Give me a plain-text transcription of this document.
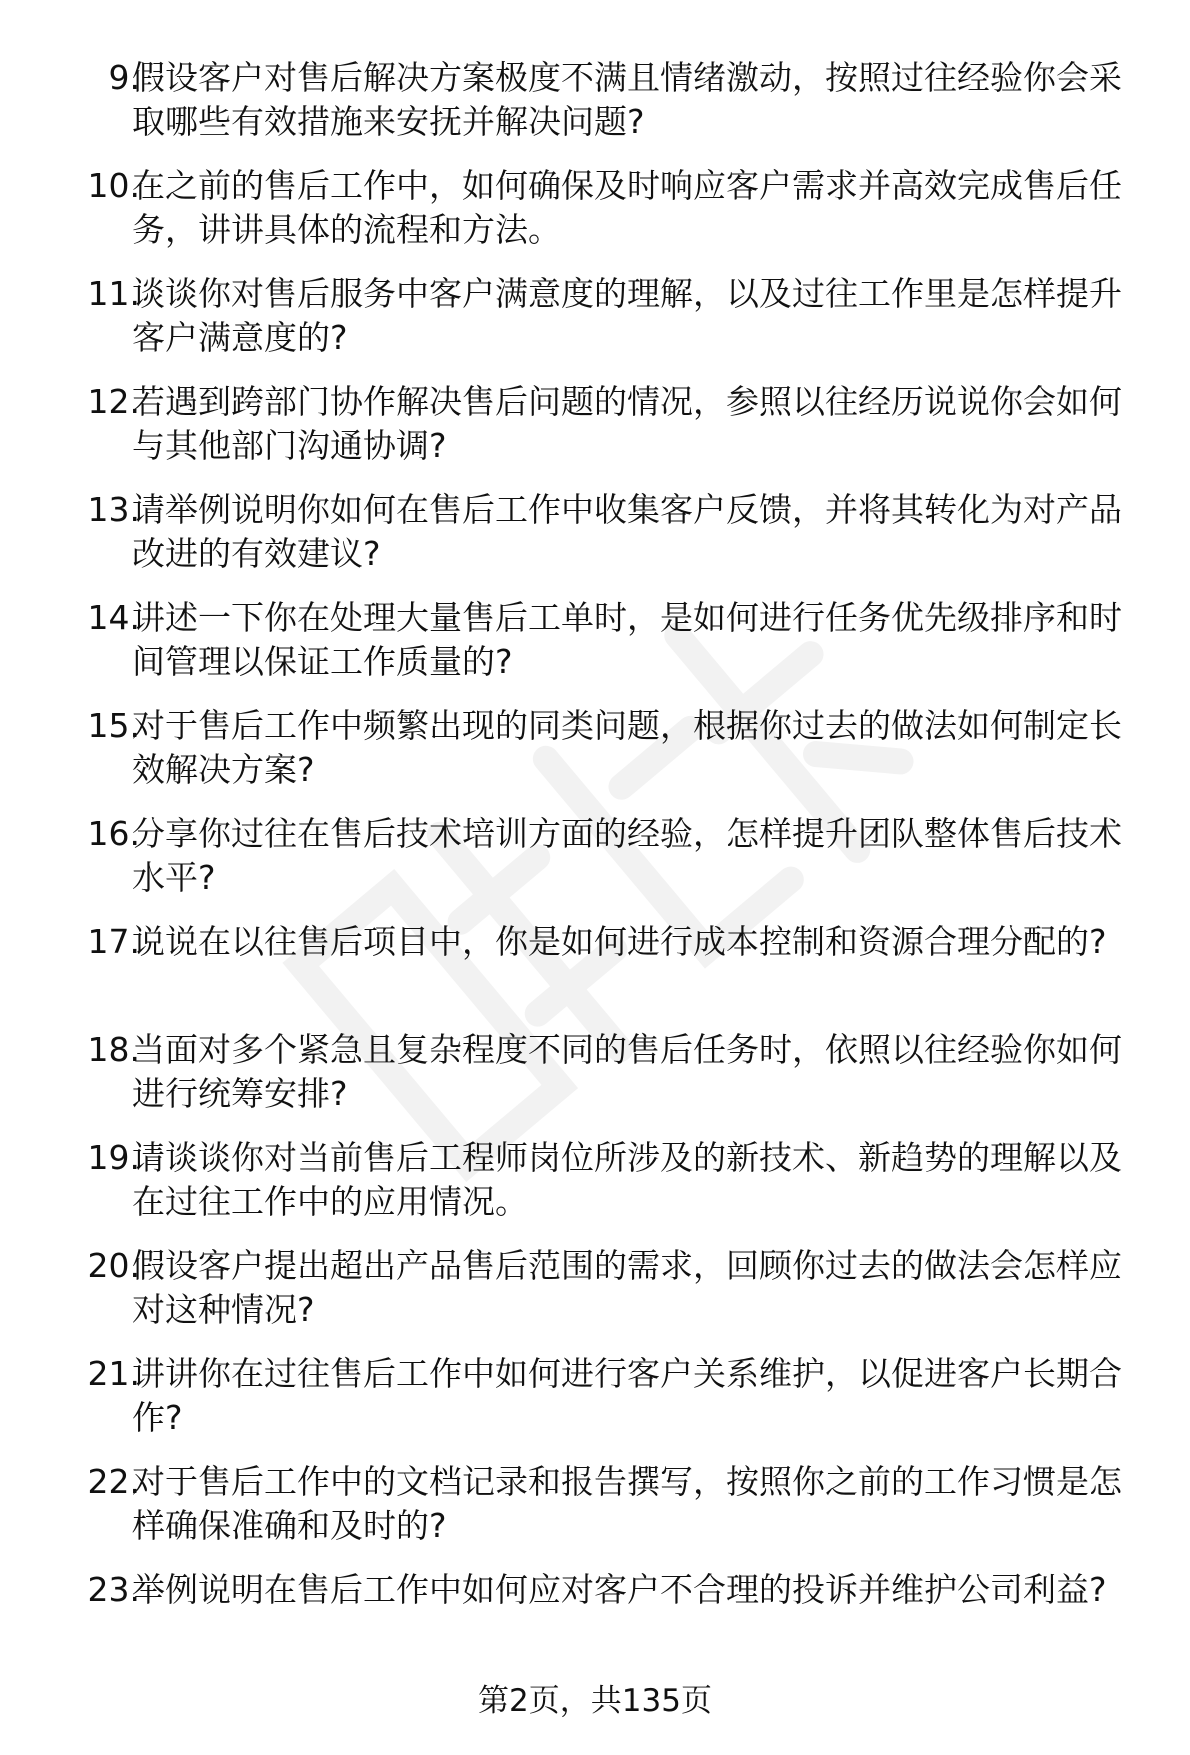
9.
假设客户对售后解决方案极度不满且情绪激动，按照过往经验你会采取哪些有效措施来安抚并解决问题?
10.
在之前的售后工作中，如何确保及时响应客户需求并高效完成售后任务，讲讲具体的流程和方法。
11.
谈谈你对售后服务中客户满意度的理解，以及过往工作里是怎样提升客户满意度的?
12.
若遇到跨部门协作解决售后问题的情况，参照以往经历说说你会如何与其他部门沟通协调?
13.
请举例说明你如何在售后工作中收集客户反馈，并将其转化为对产品改进的有效建议?
14.
讲述一下你在处理大量售后工单时，是如何进行任务优先级排序和时间管理以保证工作质量的?
15.
对于售后工作中频繁出现的同类问题，根据你过去的做法如何制定长效解决方案?
16.
分享你过往在售后技术培训方面的经验，怎样提升团队整体售后技术水平?
17.
说说在以往售后项目中，你是如何进行成本控制和资源合理分配的?
18.
当面对多个紧急且复杂程度不同的售后任务时，依照以往经验你如何进行统筹安排?
19.
请谈谈你对当前售后工程师岗位所涉及的新技术、新趋势的理解以及在过往工作中的应用情况。
20.
假设客户提出超出产品售后范围的需求，回顾你过去的做法会怎样应对这种情况?
21.
讲讲你在过往售后工作中如何进行客户关系维护，以促进客户长期合作?
22.
对于售后工作中的文档记录和报告撰写，按照你之前的工作习惯是怎样确保准确和及时的?
23.
举例说明在售后工作中如何应对客户不合理的投诉并维护公司利益?
第2页，共135页
